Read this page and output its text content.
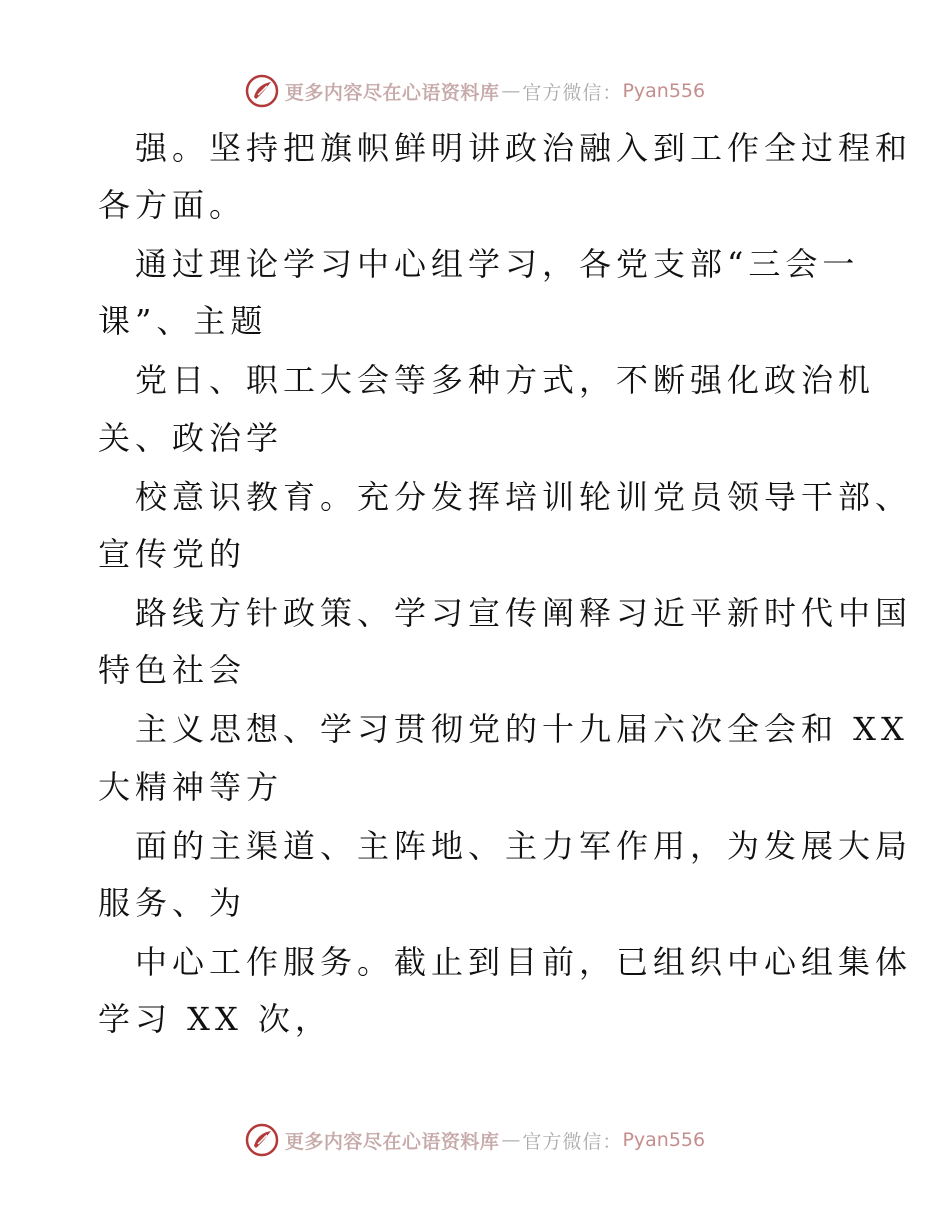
更多内容尽在心语资料库 — 官方微信： Pyan556
强。坚持把旗帜鲜明讲政治融入到工作全过程和
各方面。
通过理论学习中心组学习，各党支部“三会一
课”、主题
党日、职工大会等多种方式，不断强化政治机
关、政治学
校意识教育。充分发挥培训轮训党员领导干部、
宣传党的
路线方针政策、学习宣传阐释习近平新时代中国
特色社会
主义思想、学习贯彻党的十九届六次全会和 XX
大精神等方
面的主渠道、主阵地、主力军作用，为发展大局
服务、为
中心工作服务。截止到目前，已组织中心组集体
学习 XX 次，
更多内容尽在心语资料库 — 官方微信： Pyan556
